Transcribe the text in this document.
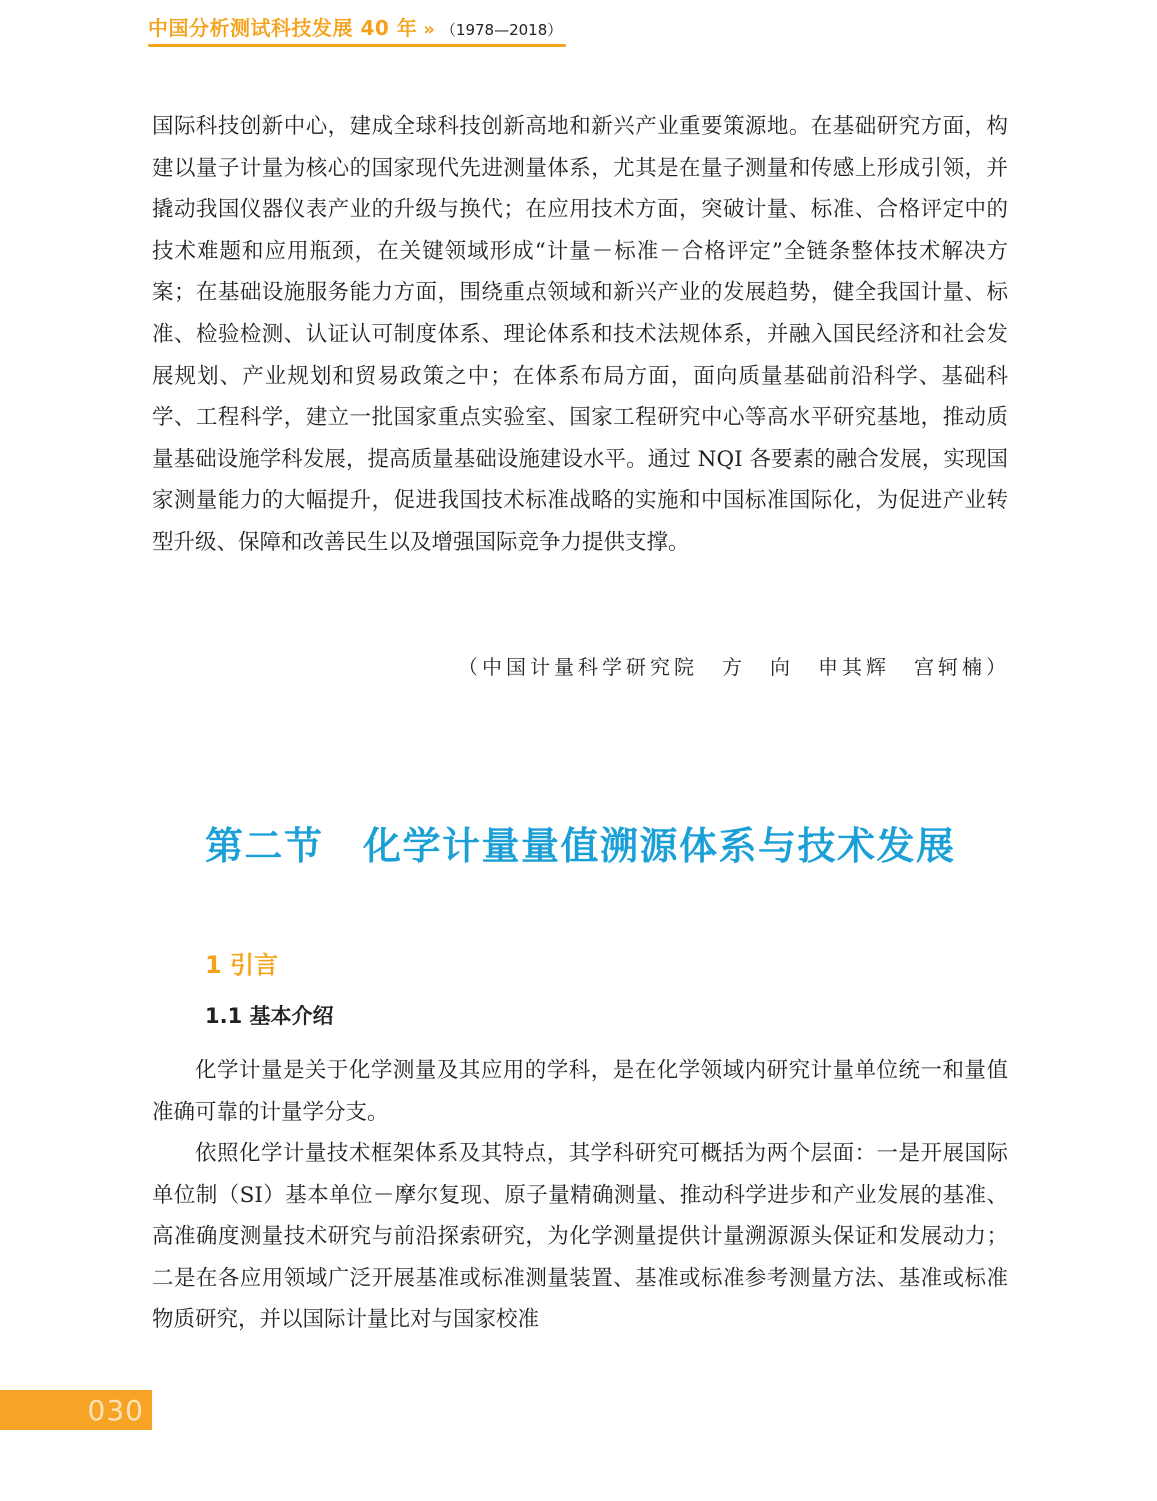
中国分析测试科技发展 40 年 » （1978—2018）

国际科技创新中心，建成全球科技创新高地和新兴产业重要策源地。在基础研究方面，构建以量子计量为核心的国家现代先进测量体系，尤其是在量子测量和传感上形成引领，并撬动我国仪器仪表产业的升级与换代；在应用技术方面，突破计量、标准、合格评定中的技术难题和应用瓶颈，在关键领域形成“计量－标准－合格评定”全链条整体技术解决方案；在基础设施服务能力方面，围绕重点领域和新兴产业的发展趋势，健全我国计量、标准、检验检测、认证认可制度体系、理论体系和技术法规体系，并融入国民经济和社会发展规划、产业规划和贸易政策之中；在体系布局方面，面向质量基础前沿科学、基础科学、工程科学，建立一批国家重点实验室、国家工程研究中心等高水平研究基地，推动质量基础设施学科发展，提高质量基础设施建设水平。通过 NQI 各要素的融合发展，实现国家测量能力的大幅提升，促进我国技术标准战略的实施和中国标准国际化，为促进产业转型升级、保障和改善民生以及增强国际竞争力提供支撑。

（中国计量科学研究院　方　向　申其辉　宫轲楠）

第二节　化学计量量值溯源体系与技术发展
1 引言
1.1 基本介绍

化学计量是关于化学测量及其应用的学科，是在化学领域内研究计量单位统一和量值准确可靠的计量学分支。

依照化学计量技术框架体系及其特点，其学科研究可概括为两个层面：一是开展国际单位制（SI）基本单位－摩尔复现、原子量精确测量、推动科学进步和产业发展的基准、高准确度测量技术研究与前沿探索研究，为化学测量提供计量溯源源头保证和发展动力；二是在各应用领域广泛开展基准或标准测量装置、基准或标准参考测量方法、基准或标准物质研究，并以国际计量比对与国家校准

030
